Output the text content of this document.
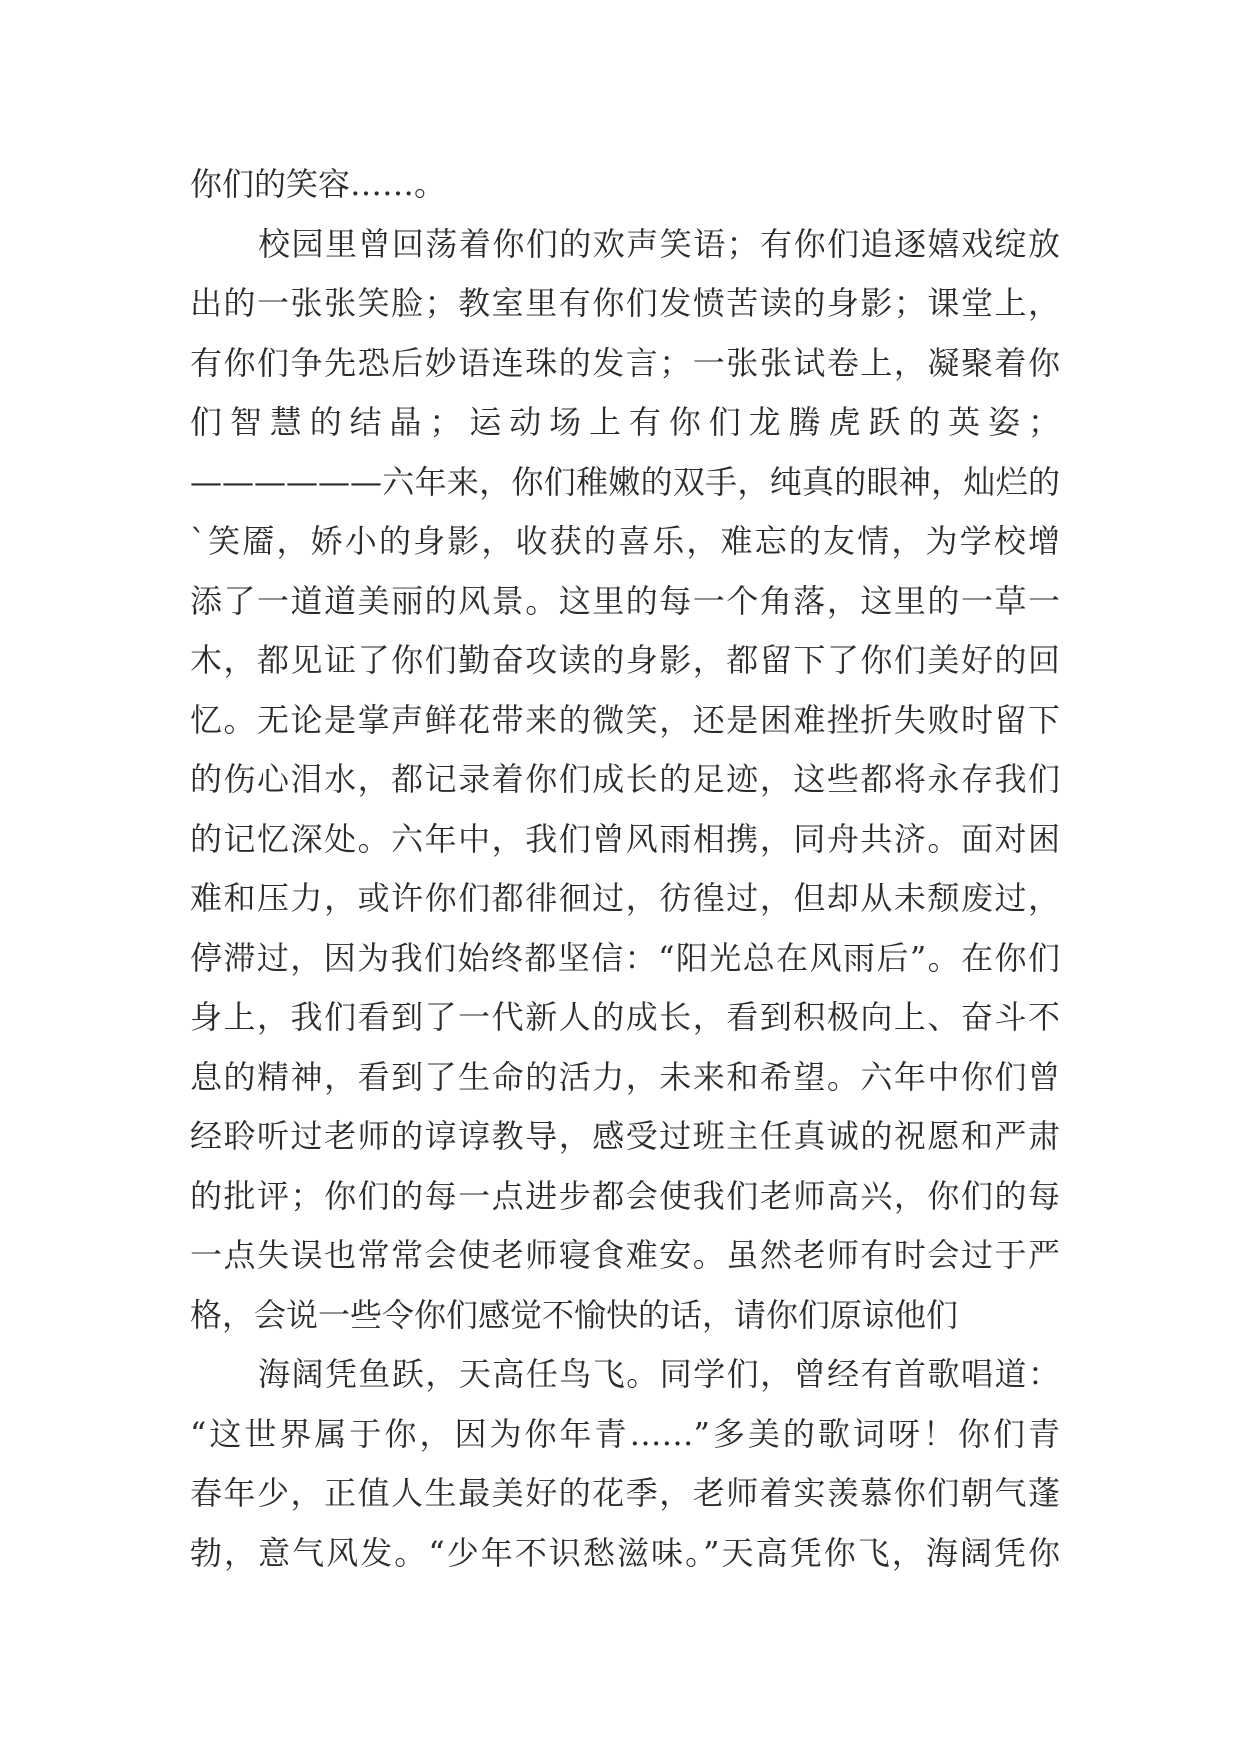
你们的笑容……。
校园里曾回荡着你们的欢声笑语；有你们追逐嬉戏绽放
出的一张张笑脸；教室里有你们发愤苦读的身影；课堂上，
有你们争先恐后妙语连珠的发言；一张张试卷上，凝聚着你
们智慧的结晶；运动场上有你们龙腾虎跃的英姿；
——————六年来，你们稚嫩的双手，纯真的眼神，灿烂的
`笑靥，娇小的身影，收获的喜乐，难忘的友情，为学校增
添了一道道美丽的风景。这里的每一个角落，这里的一草一
木，都见证了你们勤奋攻读的身影，都留下了你们美好的回
忆。无论是掌声鲜花带来的微笑，还是困难挫折失败时留下
的伤心泪水，都记录着你们成长的足迹，这些都将永存我们
的记忆深处。六年中，我们曾风雨相携，同舟共济。面对困
难和压力，或许你们都徘徊过，彷徨过，但却从未颓废过，
停滞过，因为我们始终都坚信：“阳光总在风雨后”。在你们
身上，我们看到了一代新人的成长，看到积极向上、奋斗不
息的精神，看到了生命的活力，未来和希望。六年中你们曾
经聆听过老师的谆谆教导，感受过班主任真诚的祝愿和严肃
的批评；你们的每一点进步都会使我们老师高兴，你们的每
一点失误也常常会使老师寝食难安。虽然老师有时会过于严
格，会说一些令你们感觉不愉快的话，请你们原谅他们
海阔凭鱼跃，天高任鸟飞。同学们，曾经有首歌唱道：
“这世界属于你，因为你年青……”多美的歌词呀！你们青
春年少，正值人生最美好的花季，老师着实羡慕你们朝气蓬
勃，意气风发。“少年不识愁滋味。”天高凭你飞，海阔凭你
